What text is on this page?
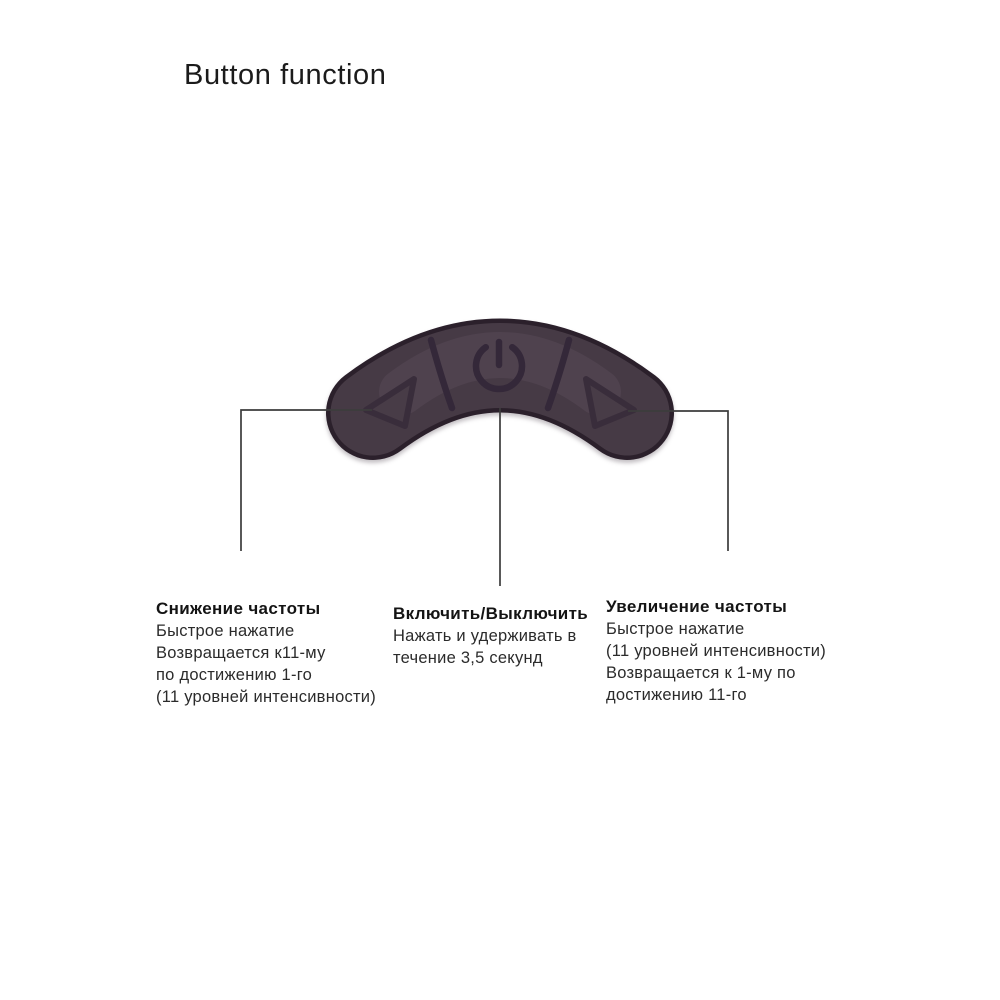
Button function
Снижение частоты
Быстрое нажатие
Возвращается к11-му
по достижению 1-го
(11 уровней интенсивности)
Включить/Выключить
Нажать и удерживать в
течение 3,5 секунд
Увеличение частоты
Быстрое нажатие
(11 уровней интенсивности)
Возвращается к 1-му по
достижению 11-го
